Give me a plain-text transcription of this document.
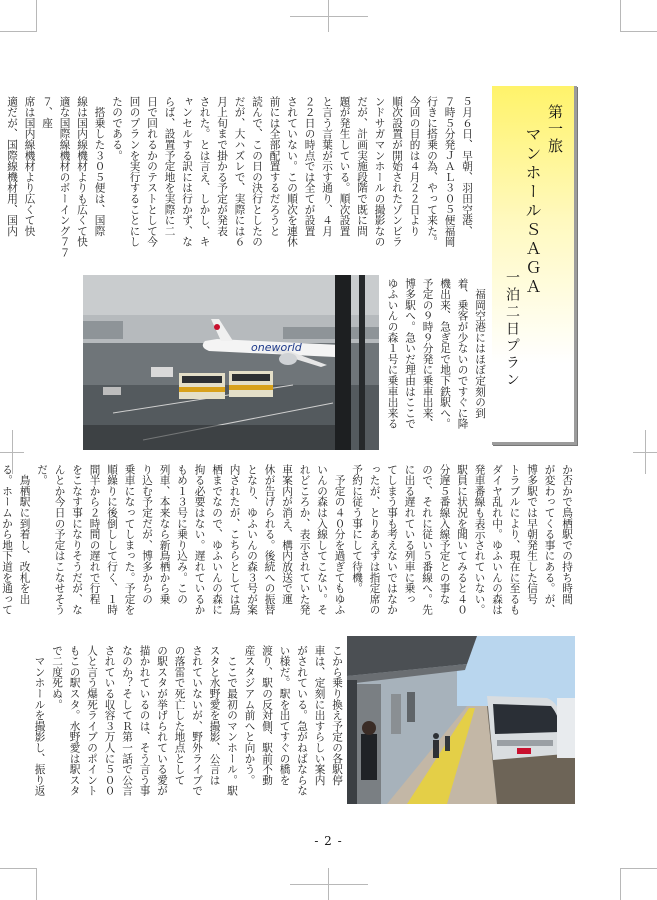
第一旅
マンホールＳＡＧＡ
一泊二日プラン
５月６日、早朝、羽田空港、
７時５分発ＪＡＬ３０５便福岡
行きに搭乗の為、やって来た。
今回の目的は４月２２日より
順次設置が開始されたゾンビラ
ンドサガマンホールの撮影なの
だが、計画実施段階で既に問
題が発生している。順次設置
と言う言葉が示す通り、４月
２２日の時点では全てが設置
されていない。この順次を連休
前には全部配置するだろうと
読んで、この日の決行としたの
だが、大ハズレで、実際には６
月上旬まで掛かる予定が発表
された。とは言え、しかし、キ
ャンセルする訳には行かず、な
らば、設置予定地を実際に二
日で回れるかのテストとして今
回のプランを実行することにし
たのである。
　搭乗した３０５便は、国際
線は国内線機材よりも広くて快
適な国際線機材のボーイング７７７、座
席は国内線機材より広くて快
適だが、国際線機材用、国内

　福岡空港にはほぼ定刻の到
着、乗客が少ないのですぐに降
機出来、急ぎ足で地下鉄駅へ。
予定の９時９分発に乗車出来、
博多駅へ。急いだ理由はここで
ゆふいんの森１号に乗車出来る
か否かで鳥栖駅での持ち時間
が変わってくる事にある。が、
博多駅では早朝発生した信号
トラブルにより、現在に至るも
ダイヤ乱れ中。ゆふいんの森は
発車番線も表示されていない。
駅員に状況を聞いてみると４０
分遅５番線入線予定との事な
ので、それに従い５番線へ。先
に出る遅れている列車に乗っ
てしまう事も考えないではなか
ったが、とりあえずは指定席の
予約に従う事にして待機。
　予定の４０分を過ぎてもゆふ
いんの森は入線してこない。そ
れどころか、表示されていた発
車案内が消え、構内放送で運
休が告げられる。後続への振替
となり、ゆふいんの森３号が案
内されたが、こちらとしては鳥
栖までなので、ゆふいんの森に
拘る必要はない。遅れているか
もめ１３号に乗り込み。この
列車、本来なら新鳥栖から乗
り込む予定だが、博多からの
乗車になってしまった。予定を
順繰りに後倒しして行く、１時
間半から２時間の遅れで行程
をこなす事になりそうだが、な
んとか今日の予定はこなせそう
だ。
　鳥栖駅に到着し、改札を出
る。ホームから地下道を通って

こから乗り換え予定の各駅停
車は、定刻に出すらしい案内
がされている。急がねばならな
い様だ。駅を出てすぐの橋を
渡り、駅の反対側、駅前不動
産スタジアム前へと向かう。
　ここで最初のマンホール。駅
スタと水野愛を撮影、公言は
されていないが、野外ライブで
の落雷で死亡した地点として
の駅スタが挙げられている愛が
描かれているのは、そう言う事
なのか？そしてＲ第一話で公言
されている収容３万人に５００
人と言う爆死ライブのポイント
もこの駅スタ。水野愛は駅スタ
で二度死ぬ。
　マンホールを撮影し、振り返
oneworld
- 2 -
